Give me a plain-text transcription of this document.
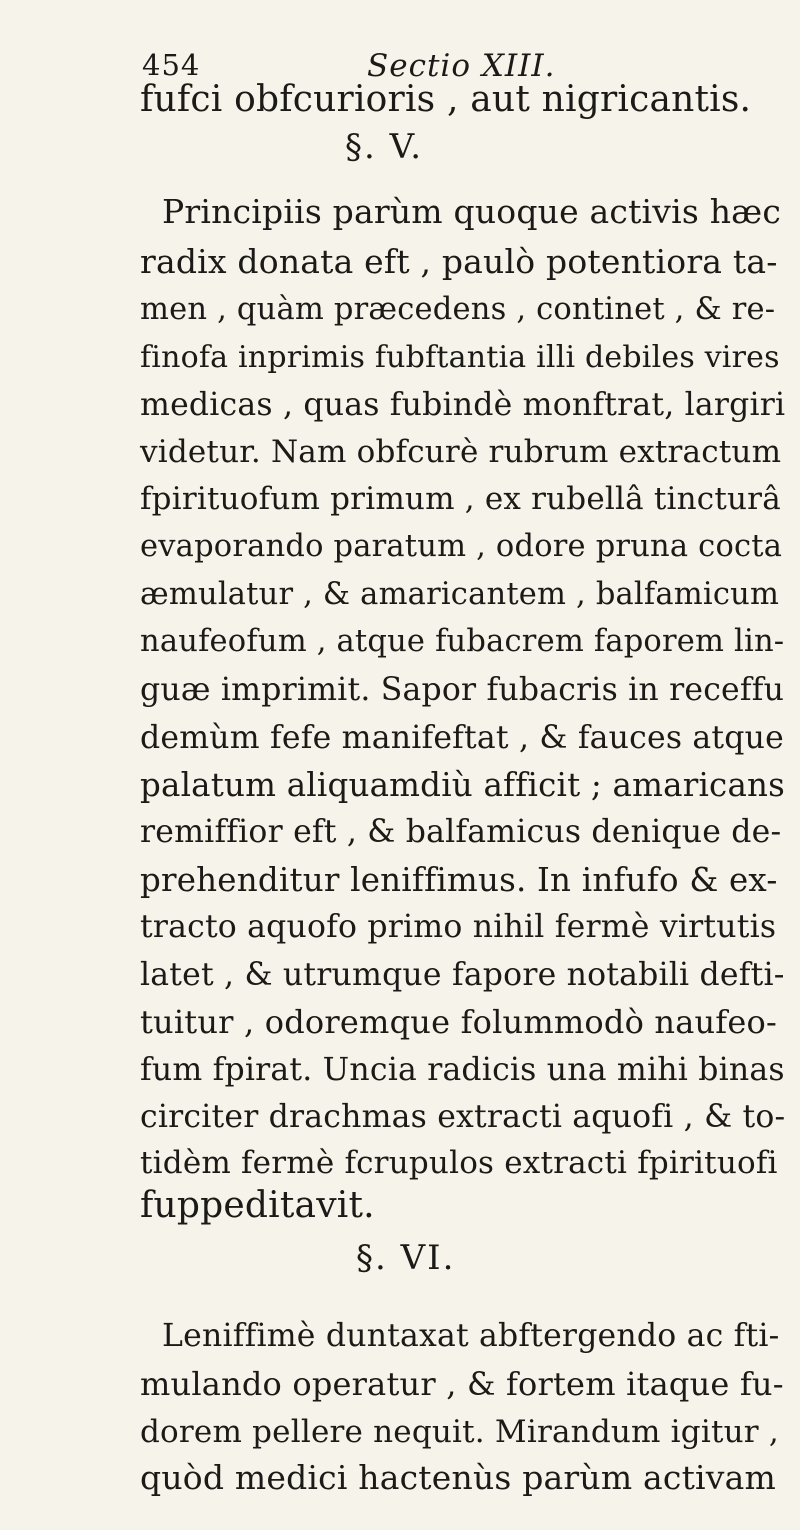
454	Sectio XIII.
fufci obfcurioris , aut nigricantis.
§. V.
Principiis parùm quoque activis hæc
radix donata eft , paulò potentiora ta-
men , quàm præcedens , continet , & re-
finofa inprimis fubftantia illi debiles vires
medicas , quas fubindè monftrat, largiri
videtur. Nam obfcurè rubrum extractum
fpirituofum primum , ex rubellâ tincturâ
evaporando paratum , odore pruna cocta
æmulatur , & amaricantem , balfamicum
naufeofum , atque fubacrem faporem lin-
guæ imprimit. Sapor fubacris in receffu
demùm fefe manifeftat , & fauces atque
palatum aliquamdiù afficit ; amaricans
remiffior eft , & balfamicus denique de-
prehenditur leniffimus. In infufo & ex-
tracto aquofo primo nihil fermè virtutis
latet , & utrumque fapore notabili defti-
tuitur , odoremque folummodò naufeo-
fum fpirat. Uncia radicis una mihi binas
circiter drachmas extracti aquofi , & to-
tidèm fermè fcrupulos extracti fpirituofi
fuppeditavit.
§. VI.
Leniffimè duntaxat abftergendo ac fti-
mulando operatur , & fortem itaque fu-
dorem pellere nequit. Mirandum igitur ,
quòd medici hactenùs parùm activam
